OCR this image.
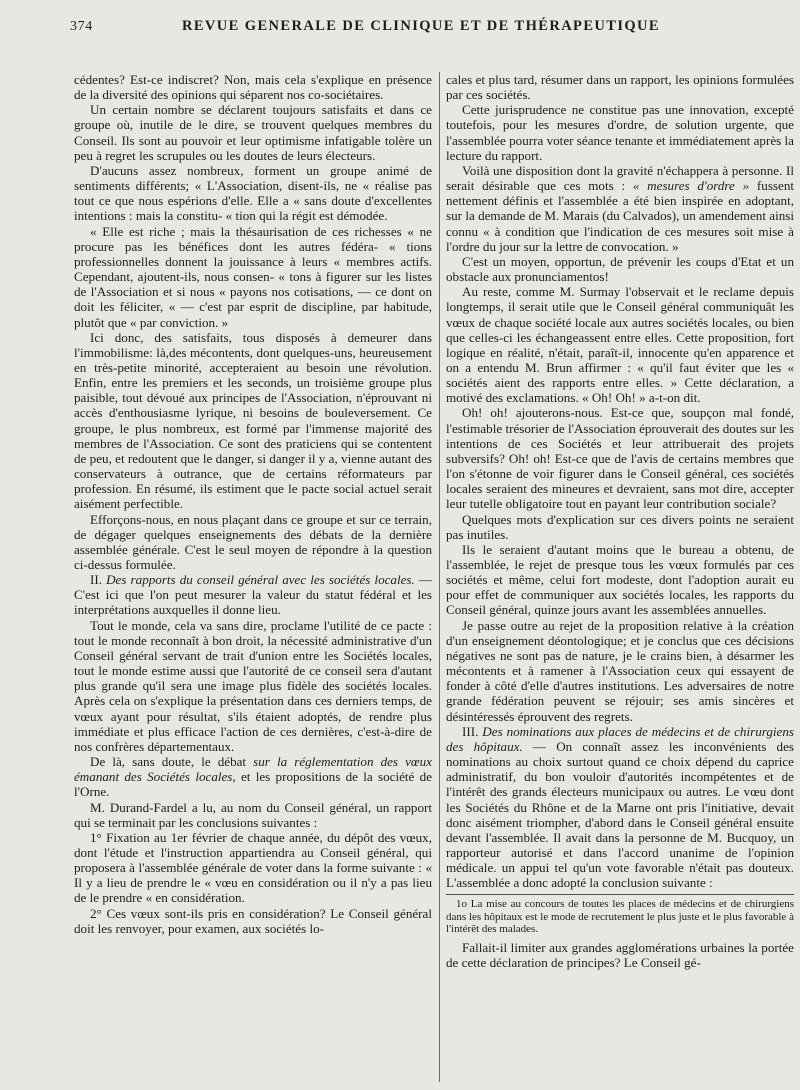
374	REVUE GENERALE DE CLINIQUE ET DE THÉRAPEUTIQUE

cédentes? Est-ce indiscret? Non, mais cela s'explique en présence de la diversité des opinions qui séparent nos co-sociétaires.

Un certain nombre se déclarent toujours satisfaits et dans ce groupe où, inutile de le dire, se trouvent quelques membres du Conseil. Ils sont au pouvoir et leur optimisme infatigable tolère un peu à regret les scrupules ou les doutes de leurs électeurs.

D'aucuns assez nombreux, forment un groupe animé de sentiments différents; « L'Association, disent-ils, ne « réalise pas tout ce que nous espérions d'elle. Elle a « sans doute d'excellentes intentions : mais la constitu- « tion qui la régit est démodée.

« Elle est riche ; mais la thésaurisation de ces richesses « ne procure pas les bénéfices dont les autres fédéra- « tions professionnelles donnent la jouissance à leurs « membres actifs. Cependant, ajoutent-ils, nous consen- « tons à figurer sur les listes de l'Association et si nous « payons nos cotisations, — ce dont on doit les féliciter, « — c'est par esprit de discipline, par habitude, plutôt que « par conviction. »

Ici donc, des satisfaits, tous disposés à demeurer dans l'immobilisme: là,des mécontents, dont quelques-uns, heureusement en très-petite minorité, accepteraient au besoin une révolution. Enfin, entre les premiers et les seconds, un troisième groupe plus paisible, tout dévoué aux principes de l'Association, n'éprouvant ni accès d'enthousiasme lyrique, ni besoins de bouleversement. Ce groupe, le plus nombreux, est formé par l'immense majorité des membres de l'Association. Ce sont des praticiens qui se contentent de peu, et redoutent que le danger, si danger il y a, vienne autant des conservateurs à outrance, que de certains réformateurs par profession. En résumé, ils estiment que le pacte social actuel serait aisément perfectible.

Efforçons-nous, en nous plaçant dans ce groupe et sur ce terrain, de dégager quelques enseignements des débats de la dernière assemblée générale. C'est le seul moyen de répondre à la question ci-dessus formulée.

II. Des rapports du conseil général avec les sociétés locales. — C'est ici que l'on peut mesurer la valeur du statut fédéral et les interprétations auxquelles il donne lieu.

Tout le monde, cela va sans dire, proclame l'utilité de ce pacte : tout le monde reconnaît à bon droit, la nécessité administrative d'un Conseil général servant de trait d'union entre les Sociétés locales, tout le monde estime aussi que l'autorité de ce conseil sera d'autant plus grande qu'il sera une image plus fidèle des sociétés locales. Après cela on s'explique la présentation dans ces derniers temps, de vœux ayant pour résultat, s'ils étaient adoptés, de rendre plus immédiate et plus efficace l'action de ces dernières, c'est-à-dire de nos confrères départementaux.

De là, sans doute, le débat sur la réglementation des vœux émanant des Sociétés locales, et les propositions de la société de l'Orne.

M. Durand-Fardel a lu, au nom du Conseil général, un rapport qui se terminait par les conclusions suivantes :

1° Fixation au 1er février de chaque année, du dépôt des vœux, dont l'étude et l'instruction appartiendra au Conseil général, qui proposera à l'assemblée générale de voter dans la forme suivante : « Il y a lieu de prendre le « vœu en considération ou il n'y a pas lieu de le prendre « en considération.

2° Ces vœux sont-ils pris en considération? Le Conseil général doit les renvoyer, pour examen, aux sociétés lo-

cales et plus tard, résumer dans un rapport, les opinions formulées par ces sociétés.

Cette jurisprudence ne constitue pas une innovation, excepté toutefois, pour les mesures d'ordre, de solution urgente, que l'assemblée pourra voter séance tenante et immédiatement après la lecture du rapport.

Voilà une disposition dont la gravité n'échappera à personne. Il serait désirable que ces mots : « mesures d'ordre » fussent nettement définis et l'assemblée a été bien inspirée en adoptant, sur la demande de M. Marais (du Calvados), un amendement ainsi connu « à condition que l'indication de ces mesures soit mise à l'ordre du jour sur la lettre de convocation. »

C'est un moyen, opportun, de prévenir les coups d'Etat et un obstacle aux pronunciamentos!

Au reste, comme M. Surmay l'observait et le reclame depuis longtemps, il serait utile que le Conseil général communiquât les vœux de chaque société locale aux autres sociétés locales, ou bien que celles-ci les échangeassent entre elles. Cette proposition, fort logique en réalité, n'était, paraît-il, innocente qu'en apparence et on a entendu M. Brun affirmer : « qu'il faut éviter que les « sociétés aient des rapports entre elles. » Cette déclaration, a motivé des exclamations. « Oh! Oh! » a-t-on dit.

Oh! oh! ajouterons-nous. Est-ce que, soupçon mal fondé, l'estimable trésorier de l'Association éprouverait des doutes sur les intentions de ces Sociétés et leur attribuerait des projets subversifs? Oh! oh! Est-ce que de l'avis de certains membres que l'on s'étonne de voir figurer dans le Conseil général, ces sociétés locales seraient des mineures et devraient, sans mot dire, accepter leur tutelle obligatoire tout en payant leur contribution sociale?

Quelques mots d'explication sur ces divers points ne seraient pas inutiles.

Ils le seraient d'autant moins que le bureau a obtenu, de l'assemblée, le rejet de presque tous les vœux formulés par ces sociétés et même, celui fort modeste, dont l'adoption aurait eu pour effet de communiquer aux sociétés locales, les rapports du Conseil général, quinze jours avant les assemblées annuelles.

Je passe outre au rejet de la proposition relative à la création d'un enseignement déontologique; et je conclus que ces décisions négatives ne sont pas de nature, je le crains bien, à désarmer les mécontents et à ramener à l'Association ceux qui essayent de fonder à côté d'elle d'autres institutions. Les adversaires de notre grande fédération peuvent se réjouir; ses amis sincères et désintéressés éprouvent des regrets.

III. Des nominations aux places de médecins et de chirurgiens des hôpitaux. — On connaît assez les inconvénients des nominations au choix surtout quand ce choix dépend du caprice administratif, du bon vouloir d'autorités incompétentes et de l'intérêt des grands électeurs municipaux ou autres. Le vœu dont les Sociétés du Rhône et de la Marne ont pris l'initiative, devait donc aisément triompher, d'abord dans le Conseil général ensuite devant l'assemblée. Il avait dans la personne de M. Bucquoy, un rapporteur autorisé et dans l'accord unanime de l'opinion médicale. un appui tel qu'un vote favorable n'était pas douteux. L'assemblée a donc adopté la conclusion suivante :

1o La mise au concours de toutes les places de médecins et de chirurgiens dans les hôpitaux est le mode de recrutement le plus juste et le plus favorable à l'intérêt des malades.

Fallait-il limiter aux grandes agglomérations urbaines la portée de cette déclaration de principes? Le Conseil gé-
